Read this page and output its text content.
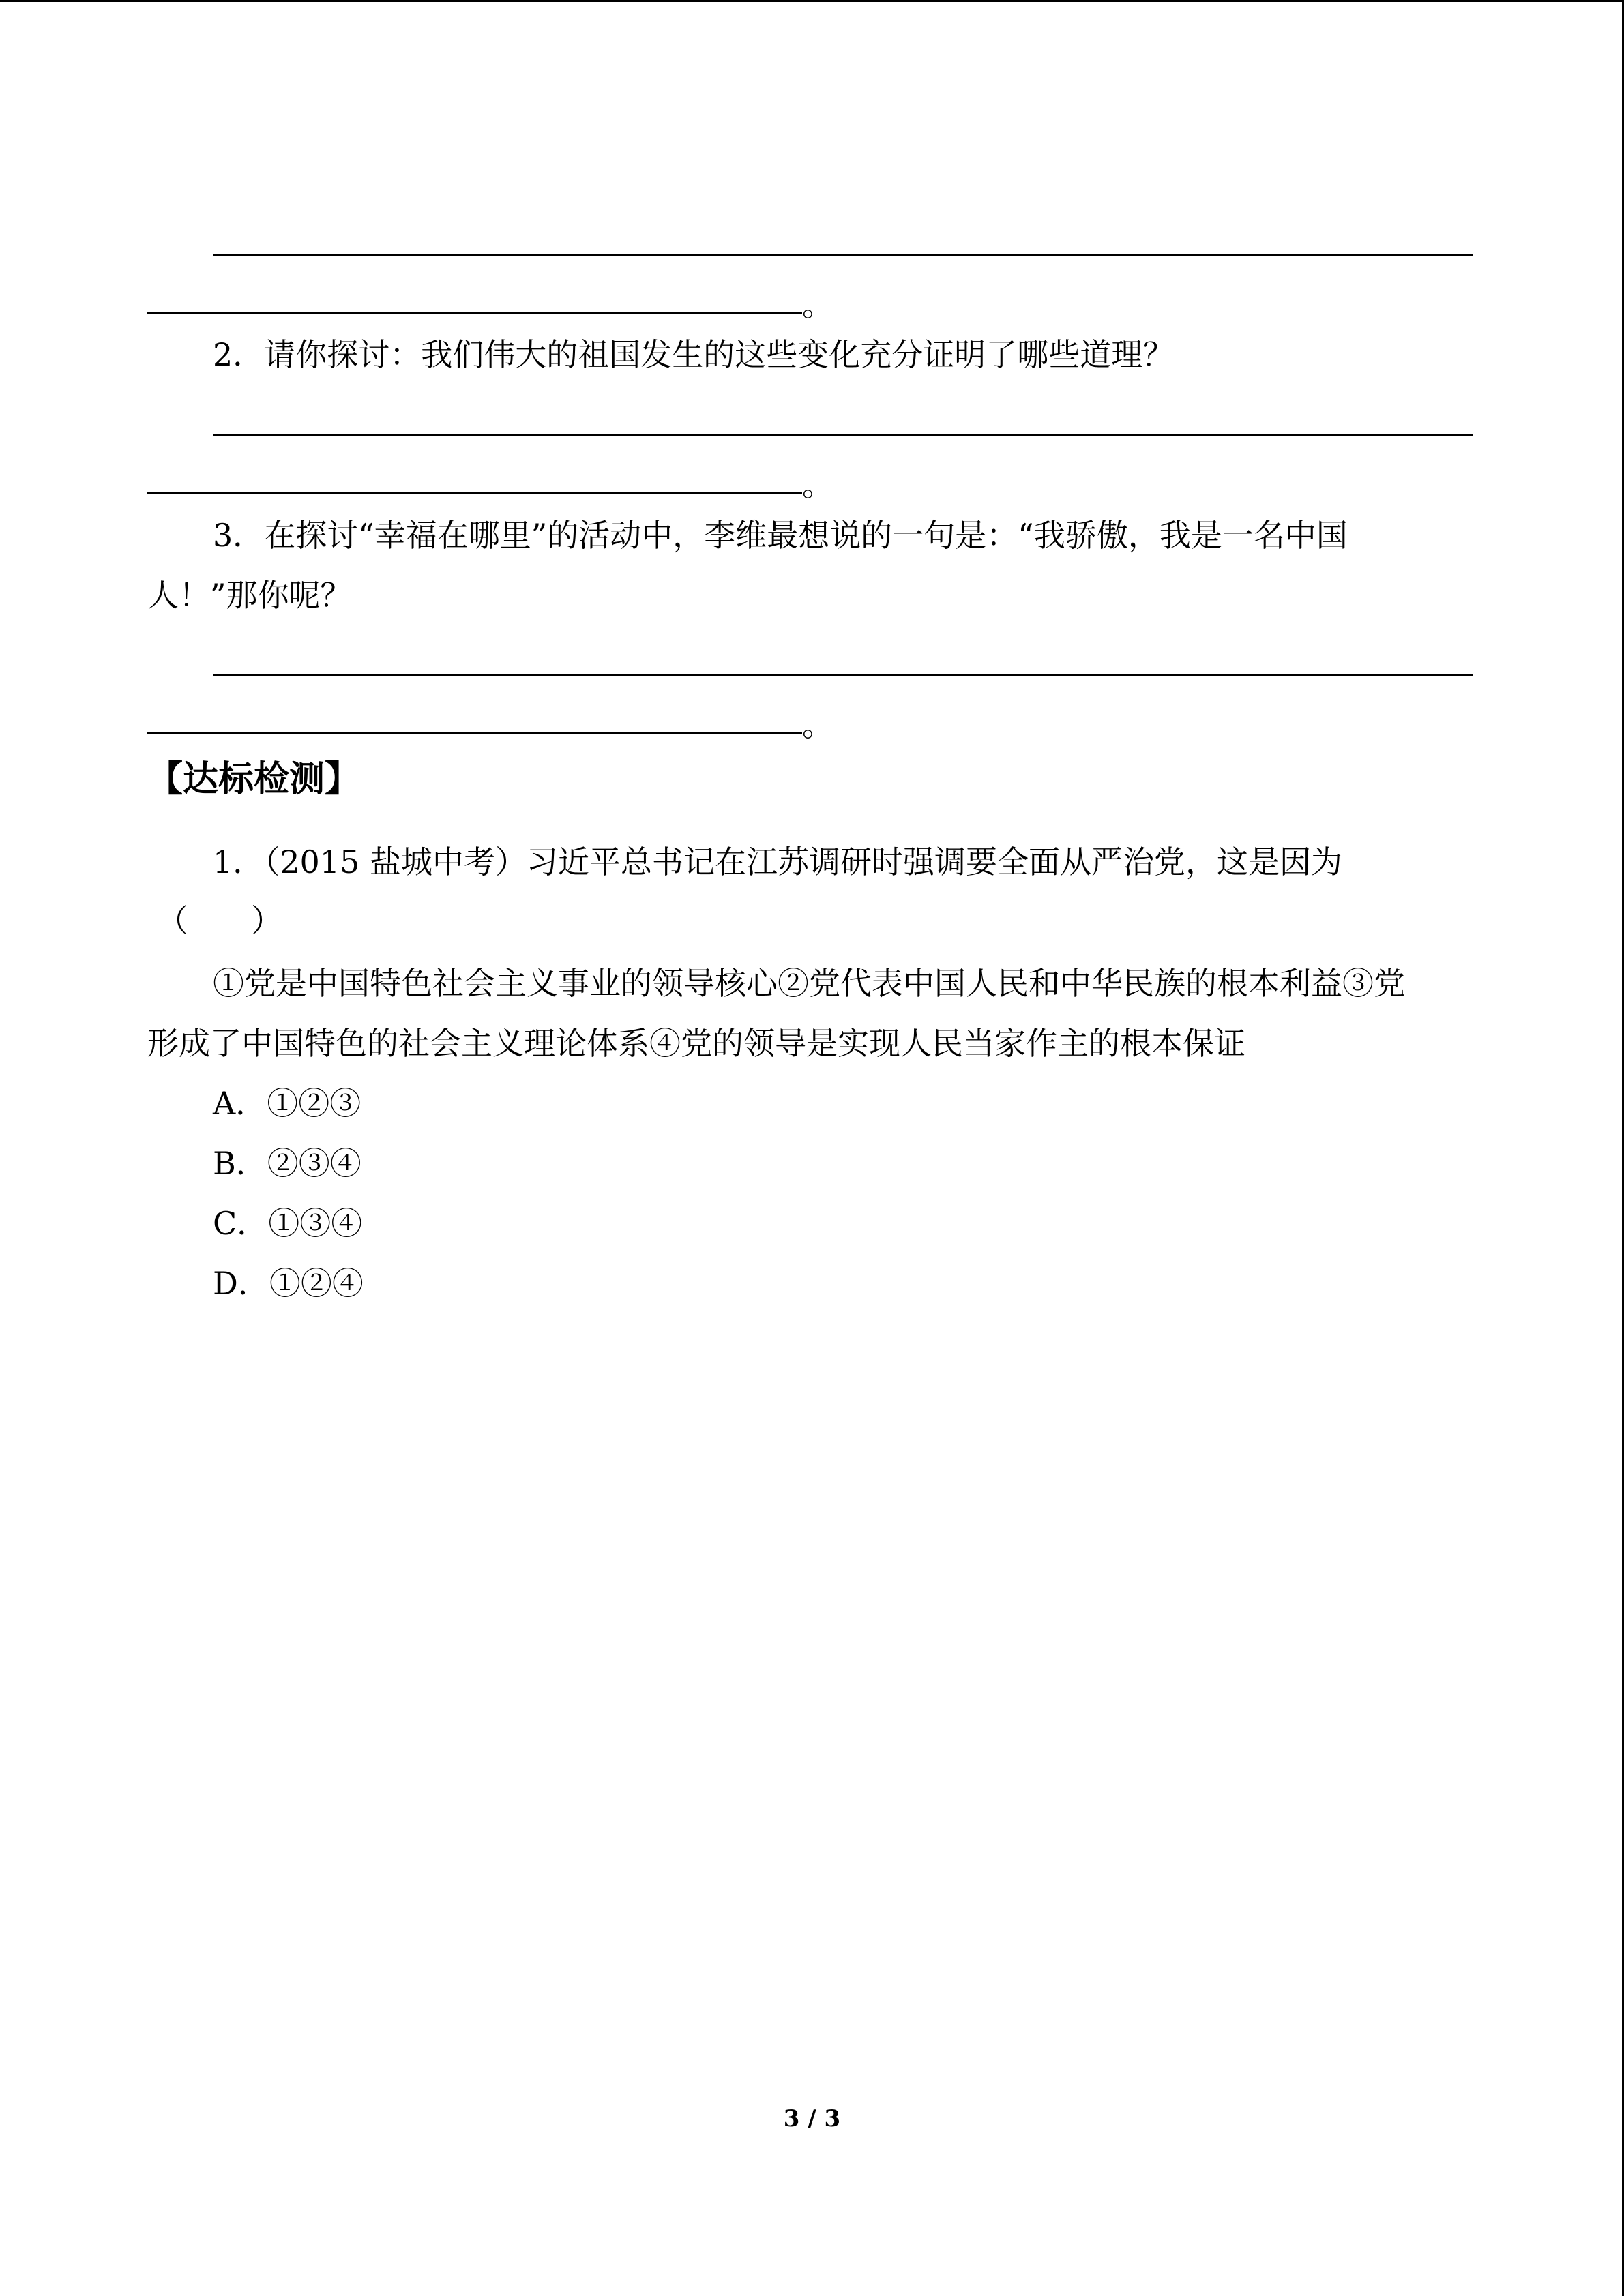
。
2．请你探讨：我们伟大的祖国发生的这些变化充分证明了哪些道理？
。
3．在探讨“幸福在哪里”的活动中，李维最想说的一句是：“我骄傲，我是一名中国
人！”那你呢？
。
【达标检测】
1．（2015 盐城中考）习近平总书记在江苏调研时强调要全面从严治党，这是因为
（　　）
①党是中国特色社会主义事业的领导核心②党代表中国人民和中华民族的根本利益③党
形成了中国特色的社会主义理论体系④党的领导是实现人民当家作主的根本保证
A．①②③
B．②③④
C．①③④
D．①②④
3 / 3
